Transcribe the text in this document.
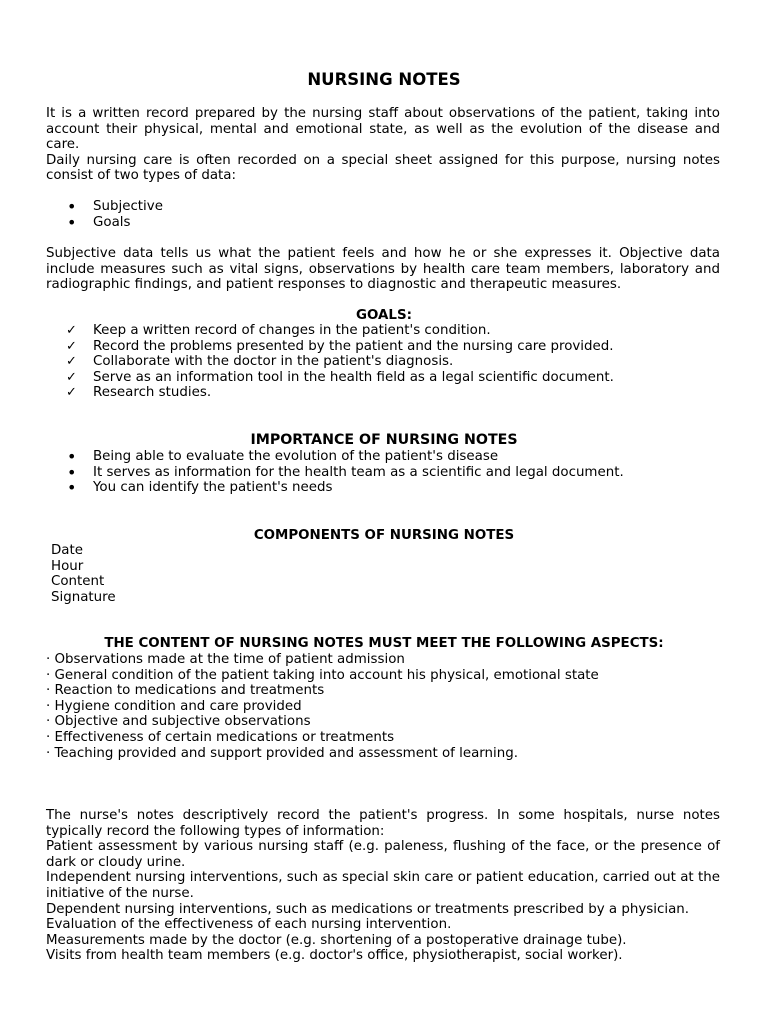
NURSING NOTES

It is a written record prepared by the nursing staff about observations of the patient, taking into account their physical, mental and emotional state, as well as the evolution of the disease and care.

Daily nursing care is often recorded on a special sheet assigned for this purpose, nursing notes consist of two types of data:

• Subjective
• Goals

Subjective data tells us what the patient feels and how he or she expresses it. Objective data include measures such as vital signs, observations by health care team members, laboratory and radiographic findings, and patient responses to diagnostic and therapeutic measures.

GOALS:
✓ Keep a written record of changes in the patient's condition.
✓ Record the problems presented by the patient and the nursing care provided.
✓ Collaborate with the doctor in the patient's diagnosis.
✓ Serve as an information tool in the health field as a legal scientific document.
✓ Research studies.
IMPORTANCE OF NURSING NOTES
• Being able to evaluate the evolution of the patient's disease
• It serves as information for the health team as a scientific and legal document.
• You can identify the patient's needs
COMPONENTS OF NURSING NOTES
Date
Hour
Content
Signature
THE CONTENT OF NURSING NOTES MUST MEET THE FOLLOWING ASPECTS:
· Observations made at the time of patient admission
· General condition of the patient taking into account his physical, emotional state
· Reaction to medications and treatments
· Hygiene condition and care provided
· Objective and subjective observations
· Effectiveness of certain medications or treatments
· Teaching provided and support provided and assessment of learning.

The nurse's notes descriptively record the patient's progress. In some hospitals, nurse notes typically record the following types of information:

Patient assessment by various nursing staff (e.g. paleness, flushing of the face, or the presence of dark or cloudy urine.

Independent nursing interventions, such as special skin care or patient education, carried out at the initiative of the nurse.

Dependent nursing interventions, such as medications or treatments prescribed by a physician.

Evaluation of the effectiveness of each nursing intervention.

Measurements made by the doctor (e.g. shortening of a postoperative drainage tube).

Visits from health team members (e.g. doctor's office, physiotherapist, social worker).
